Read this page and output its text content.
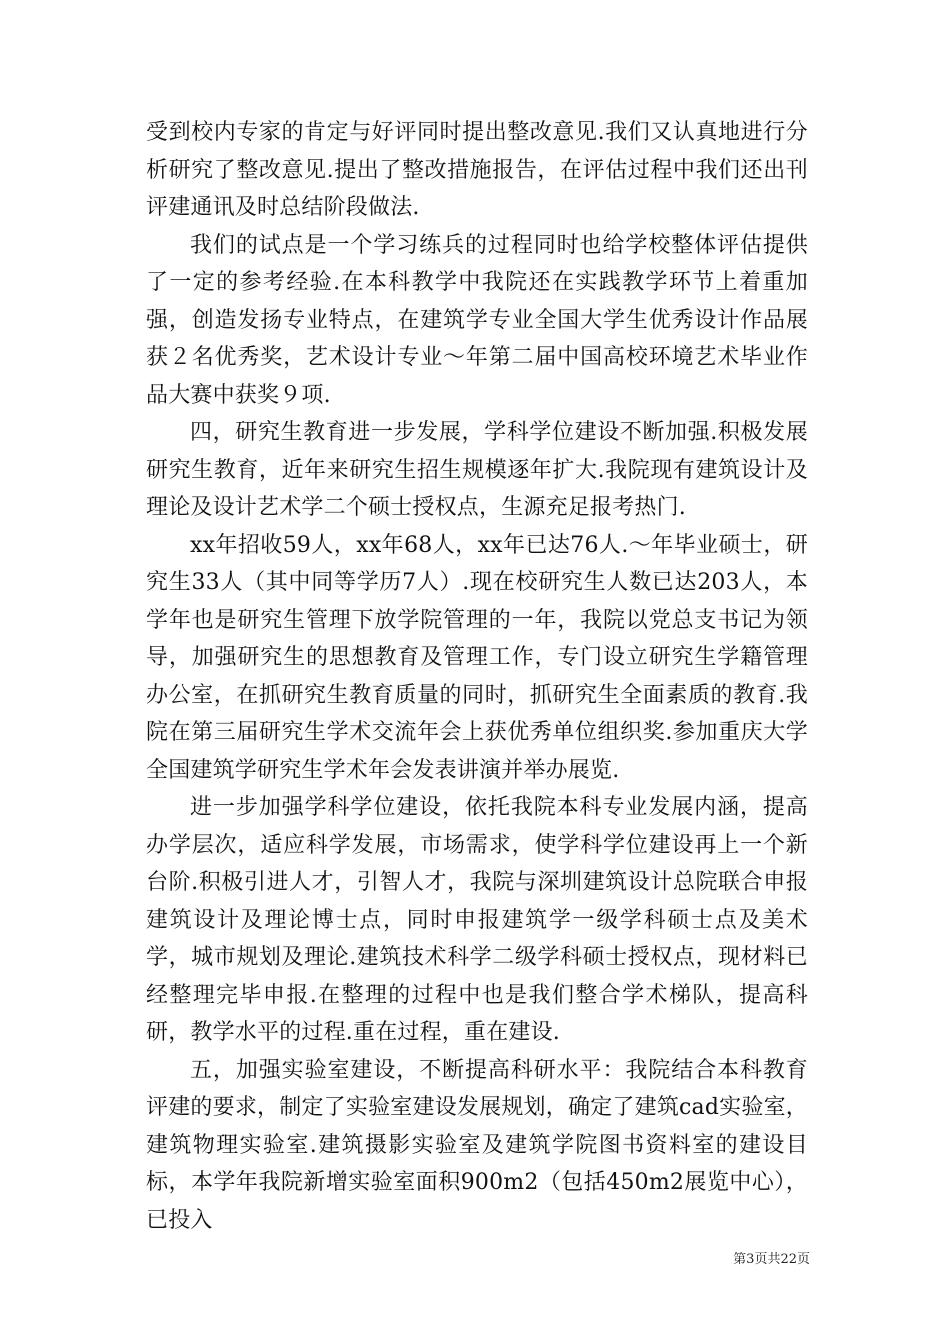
受到校内专家的肯定与好评同时提出整改意见.我们又认真地进行分析研究了整改意见.提出了整改措施报告，在评估过程中我们还出刊评建通讯及时总结阶段做法.

我们的试点是一个学习练兵的过程同时也给学校整体评估提供了一定的参考经验.在本科教学中我院还在实践教学环节上着重加强，创造发扬专业特点，在建筑学专业全国大学生优秀设计作品展获２名优秀奖，艺术设计专业～年第二届中国高校环境艺术毕业作品大赛中获奖９项.

四，研究生教育进一步发展，学科学位建设不断加强.积极发展研究生教育，近年来研究生招生规模逐年扩大.我院现有建筑设计及理论及设计艺术学二个硕士授权点，生源充足报考热门.

xx年招收59人，xx年68人，xx年已达76人.～年毕业硕士，研究生33人（其中同等学历7人）.现在校研究生人数已达203人，本学年也是研究生管理下放学院管理的一年，我院以党总支书记为领导，加强研究生的思想教育及管理工作，专门设立研究生学籍管理办公室，在抓研究生教育质量的同时，抓研究生全面素质的教育.我院在第三届研究生学术交流年会上获优秀单位组织奖.参加重庆大学全国建筑学研究生学术年会发表讲演并举办展览.

进一步加强学科学位建设，依托我院本科专业发展内涵，提高办学层次，适应科学发展，市场需求，使学科学位建设再上一个新台阶.积极引进人才，引智人才，我院与深圳建筑设计总院联合申报建筑设计及理论博士点，同时申报建筑学一级学科硕士点及美术学，城市规划及理论.建筑技术科学二级学科硕士授权点，现材料已经整理完毕申报.在整理的过程中也是我们整合学术梯队，提高科研，教学水平的过程.重在过程，重在建设.

五，加强实验室建设，不断提高科研水平：我院结合本科教育评建的要求，制定了实验室建设发展规划，确定了建筑cad实验室，建筑物理实验室.建筑摄影实验室及建筑学院图书资料室的建设目标，本学年我院新增实验室面积900m2（包括450m2展览中心），已投入

第3页共22页
